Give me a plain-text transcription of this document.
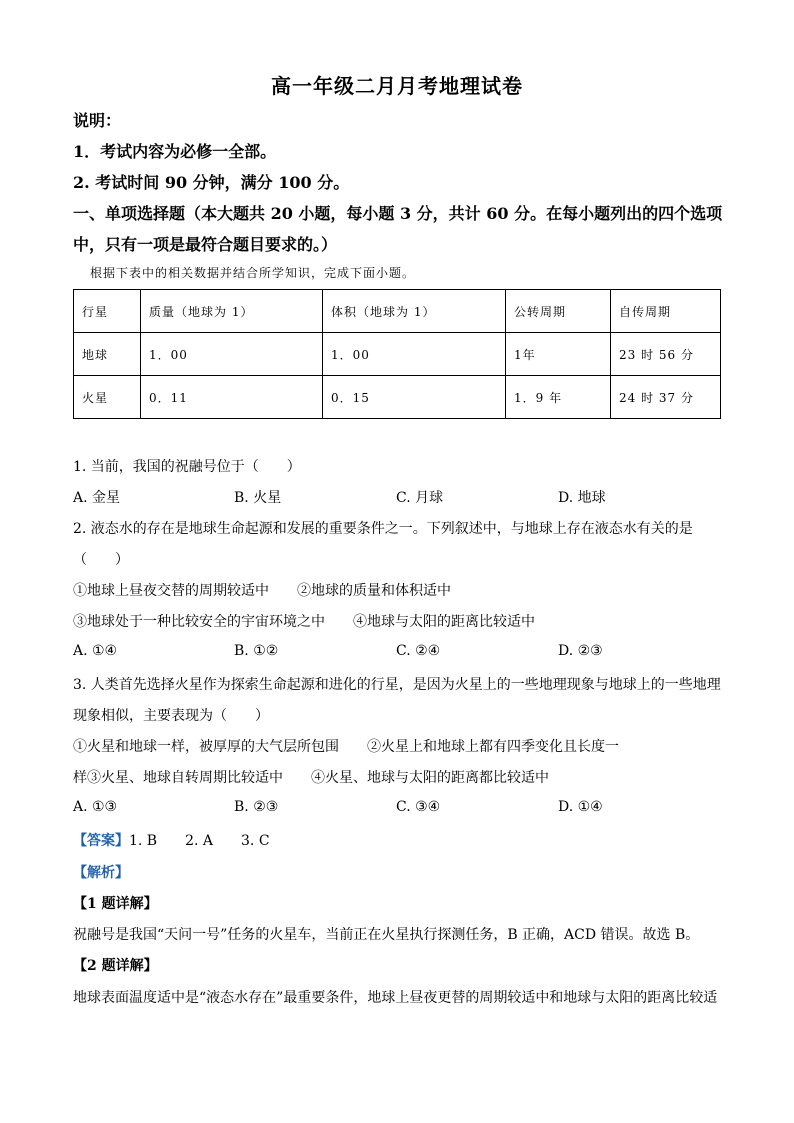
高一年级二月月考地理试卷
说明：
1．考试内容为必修一全部。
2. 考试时间 90 分钟，满分 100 分。
一、单项选择题（本大题共 20 小题，每小题 3 分，共计 60 分。在每小题列出的四个选项
中，只有一项是最符合题目要求的。）
根据下表中的相关数据并结合所学知识，完成下面小题。
行星	质量（地球为 1）	体积（地球为 1）	公转周期	自传周期
地球	1．00	1．00	1年	23 时 56 分
火星	0．11	0．15	1．9 年	24 时 37 分
1. 当前，我国的祝融号位于（　　）
A. 金星	B. 火星	C. 月球	D. 地球
2. 液态水的存在是地球生命起源和发展的重要条件之一。下列叙述中，与地球上存在液态水有关的是
（　　）
①地球上昼夜交替的周期较适中　　②地球的质量和体积适中
③地球处于一种比较安全的宇宙环境之中　　④地球与太阳的距离比较适中
A. ①④	B. ①②	C. ②④	D. ②③
3. 人类首先选择火星作为探索生命起源和进化的行星，是因为火星上的一些地理现象与地球上的一些地理
现象相似，主要表现为（　　）
①火星和地球一样，被厚厚的大气层所包围　　②火星上和地球上都有四季变化且长度一
样③火星、地球自转周期比较适中　　④火星、地球与太阳的距离都比较适中
A. ①③	B. ②③	C. ③④	D. ①④
【答案】1. B　　2. A　　3. C
【解析】
【1 题详解】
祝融号是我国“天问一号”任务的火星车，当前正在火星执行探测任务，B 正确，ACD 错误。故选 B。
【2 题详解】
地球表面温度适中是“液态水存在”最重要条件，地球上昼夜更替的周期较适中和地球与太阳的距离比较适
